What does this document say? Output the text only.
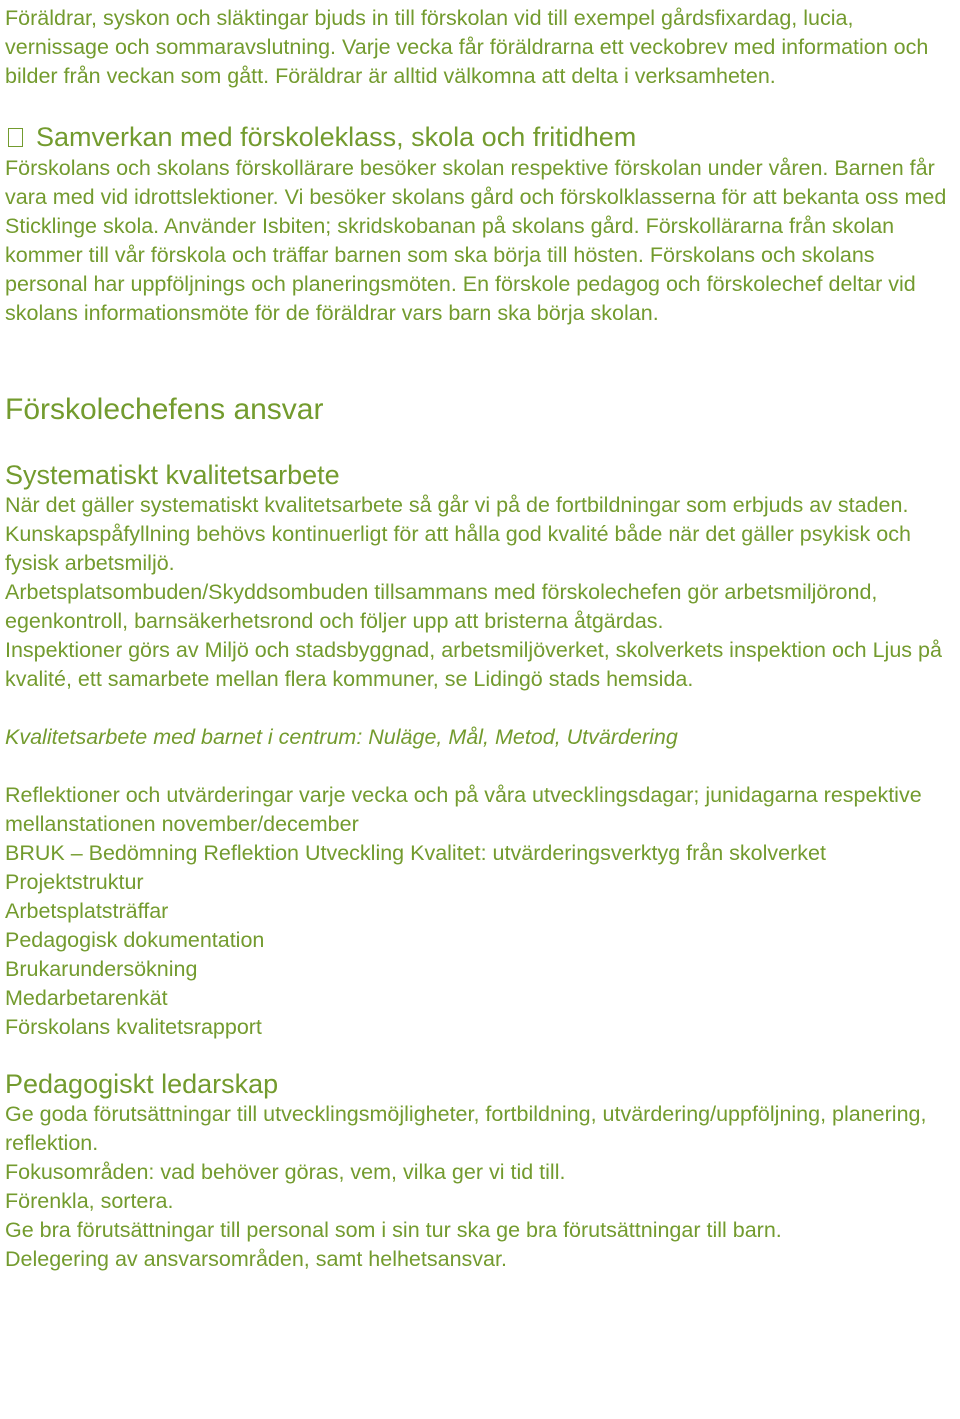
Föräldrar, syskon och släktingar bjuds in till förskolan vid till exempel gårdsfixardag, lucia, vernissage och sommaravslutning. Varje vecka får föräldrarna ett veckobrev med information och bilder från veckan som gått. Föräldrar är alltid välkomna att delta i verksamheten.

Samverkan med förskoleklass, skola och fritidhem

Förskolans och skolans förskollärare besöker skolan respektive förskolan under våren. Barnen får vara med vid idrottslektioner. Vi besöker skolans gård och förskolklasserna för att bekanta oss med Sticklinge skola. Använder Isbiten; skridskobanan på skolans gård. Förskollärarna från skolan kommer till vår förskola och träffar barnen som ska börja till hösten. Förskolans och skolans personal har uppföljnings och planeringsmöten. En förskole pedagog och förskolechef deltar vid skolans informationsmöte för de föräldrar vars barn ska börja skolan.

Förskolechefens ansvar

Systematiskt kvalitetsarbete

När det gäller systematiskt kvalitetsarbete så går vi på de fortbildningar som erbjuds av staden. Kunskapspåfyllning behövs kontinuerligt för att hålla god kvalité både när det gäller psykisk och fysisk arbetsmiljö.

Arbetsplatsombuden/Skyddsombuden tillsammans med förskolechefen gör arbetsmiljörond, egenkontroll, barnsäkerhetsrond och följer upp att bristerna åtgärdas.

Inspektioner görs av Miljö och stadsbyggnad, arbetsmiljöverket, skolverkets inspektion och Ljus på kvalité, ett samarbete mellan flera kommuner, se Lidingö stads hemsida.

Kvalitetsarbete med barnet i centrum: Nuläge, Mål, Metod, Utvärdering

Reflektioner och utvärderingar varje vecka och på våra utvecklingsdagar; junidagarna respektive mellanstationen november/december

BRUK – Bedömning Reflektion Utveckling Kvalitet: utvärderingsverktyg från skolverket

Projektstruktur

Arbetsplatsträffar

Pedagogisk dokumentation

Brukarundersökning

Medarbetarenkät

Förskolans kvalitetsrapport

Pedagogiskt ledarskap

Ge goda förutsättningar till utvecklingsmöjligheter, fortbildning, utvärdering/uppföljning, planering, reflektion.

Fokusområden: vad behöver göras, vem, vilka ger vi tid till.

Förenkla, sortera.

Ge bra förutsättningar till personal som i sin tur ska ge bra förutsättningar till barn.

Delegering av ansvarsområden, samt helhetsansvar.
